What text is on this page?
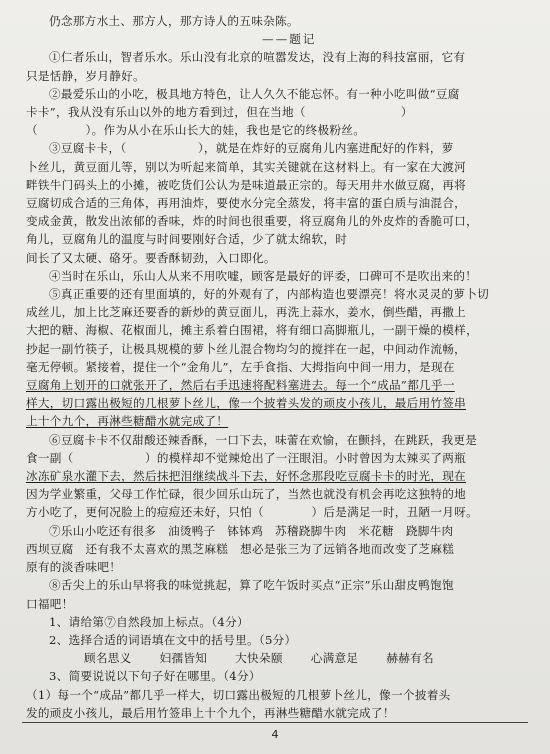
仍念那方水土、那方人，那方诗人的五味杂陈。
——题记
①仁者乐山，智者乐水。乐山没有北京的喧嚣发达，没有上海的科技富丽，它有
只是恬静，岁月静好。
②最爱乐山的小吃，极具地方特色，让人久久不能忘怀。有一种小吃叫做“豆腐
卡卡”，我从没有乐山以外的地方看到过，但在当地（　　　　　　　　）
（　　　　）。作为从小在乐山长大的娃，我也是它的终极粉丝。
③豆腐卡卡，（　　　　　　），就是在炸好的豆腐角儿内塞进配好的作料，萝
卜丝儿，黄豆面儿等，别以为听起来简单，其实关键就在这材料上。有一家在大渡河
畔铁牛门码头上的小摊，被吃货们公认为是味道最正宗的。每天用井水做豆腐，再将
豆腐切成合适的三角体，再用油炸，要使水分完全蒸发，将丰富的蛋白质与油混合，
变成金黄，散发出浓郁的香味，炸的时间也很重要，将豆腐角儿的外皮炸的香脆可口，
角儿，豆腐角儿的温度与时间要刚好合适，少了就太绵软，时
间长了又太硬、硌牙。要香酥韧劲，入口即化。
④当时在乐山，乐山人从来不用吹嘘，顾客是最好的评委，口碑可不是吹出来的！
⑤真正重要的还有里面填的，好的外观有了，内部构造也要漂亮！将水灵灵的萝卜切
成丝儿，加上比芝麻还要香的新炒的黄豆面儿，再洗上蒜水，姜水，倒些醋，再撒上
大把的糖、海椒、花椒面儿，摊主系着白围裙，将有细口高脚瓶儿，一副干燥的模样，
抄起一副竹筷子，让极具规模的萝卜丝儿混合物均匀的搅拌在一起，中间动作流畅，
毫无停顿。紧接着，提住一个“金角儿”，左手食指、大拇指向中间一用力，是现在
豆腐角上划开的口就张开了，然后右手迅速将配料塞进去。每一个“成品”都几乎一
样大，切口露出极短的几根萝卜丝儿，像一个披着头发的顽皮小孩儿，最后用竹签串
上十个九个，再淋些糖醋水就完成了！
⑥豆腐卡卡不仅甜酸还辣香酥，一口下去，味蕾在欢愉，在颤抖，在跳跃，我更是
食一副（　　　　　　）的模样却不觉辣炝出了一汪眼泪。小时曾因为太辣买了两瓶
冰冻矿泉水灌下去，然后抹把泪继续战斗下去，好怀念那段吃豆腐卡卡的时光，现在
因为学业繁重，父母工作忙碌，很少回乐山玩了，当然也就没有机会再吃这独特的地
方小吃了，更何况脸上的痘痘还未好，只怕（　　　　）后是满足一时，丑陋一月呀。
⑦乐山小吃还有很多　油烫鸭子　钵钵鸡　苏稽跷脚牛肉　米花糖　跷脚牛肉
西坝豆腐　还有我不太喜欢的黑芝麻糕　想必是张三为了远销各地而改变了芝麻糕
原有的淡香味吧！
⑧舌尖上的乐山早将我的味觉挑起，算了吃午饭时买点“正宗”乐山甜皮鸭饱饱
口福吧！
1、请给第⑦自然段加上标点。（4分）
2、选择合适的词语填在文中的括号里。（5分）
顾名思义 妇孺皆知 大快朵颐 心满意足 赫赫有名
3、简要说说以下句子好在哪里。（4分）
（1）每一个“成品”都几乎一样大，切口露出极短的几根萝卜丝儿，像一个披着头
发的顽皮小孩儿，最后用竹签串上十个九个，再淋些糖醋水就完成了！
4
